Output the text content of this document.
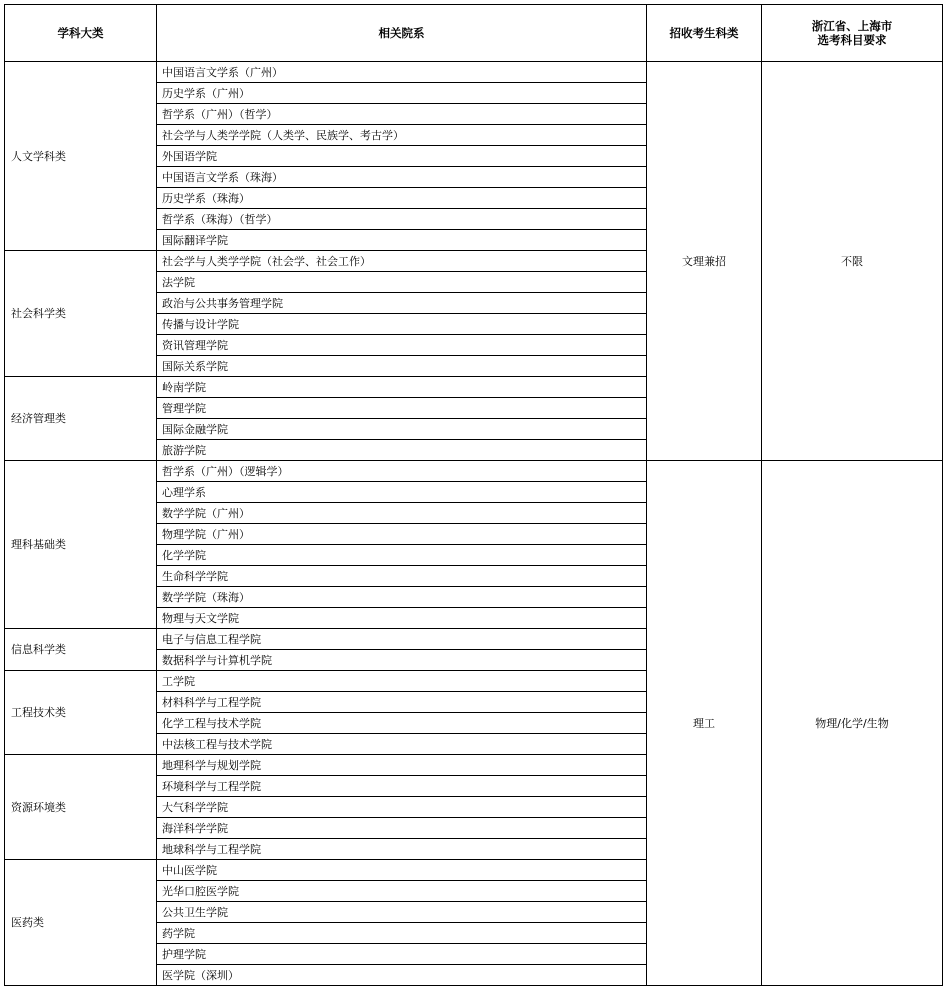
学科大类	相关院系	招收考生科类	浙江省、上海市
选考科目要求

人文学科类	中国语言文学系（广州）	文理兼招	不限
	历史学系（广州）		
	哲学系（广州）（哲学）		
	社会学与人类学学院（人类学、民族学、考古学）		
	外国语学院		
	中国语言文学系（珠海）		
	历史学系（珠海）		
	哲学系（珠海）（哲学）		
	国际翻译学院		
社会科学类	社会学与人类学学院（社会学、社会工作）		
	法学院		
	政治与公共事务管理学院		
	传播与设计学院		
	资讯管理学院		
	国际关系学院		
经济管理类	岭南学院		
	管理学院		
	国际金融学院		
	旅游学院		
理科基础类	哲学系（广州）（逻辑学）	理工	物理/化学/生物
	心理学系		
	数学学院（广州）		
	物理学院（广州）		
	化学学院		
	生命科学学院		
	数学学院（珠海）		
	物理与天文学院		
信息科学类	电子与信息工程学院		
	数据科学与计算机学院		
工程技术类	工学院		
	材料科学与工程学院		
	化学工程与技术学院		
	中法核工程与技术学院		
资源环境类	地理科学与规划学院		
	环境科学与工程学院		
	大气科学学院		
	海洋科学学院		
	地球科学与工程学院		
医药类	中山医学院		
	光华口腔医学院		
	公共卫生学院		
	药学院		
	护理学院		
	医学院（深圳）		
